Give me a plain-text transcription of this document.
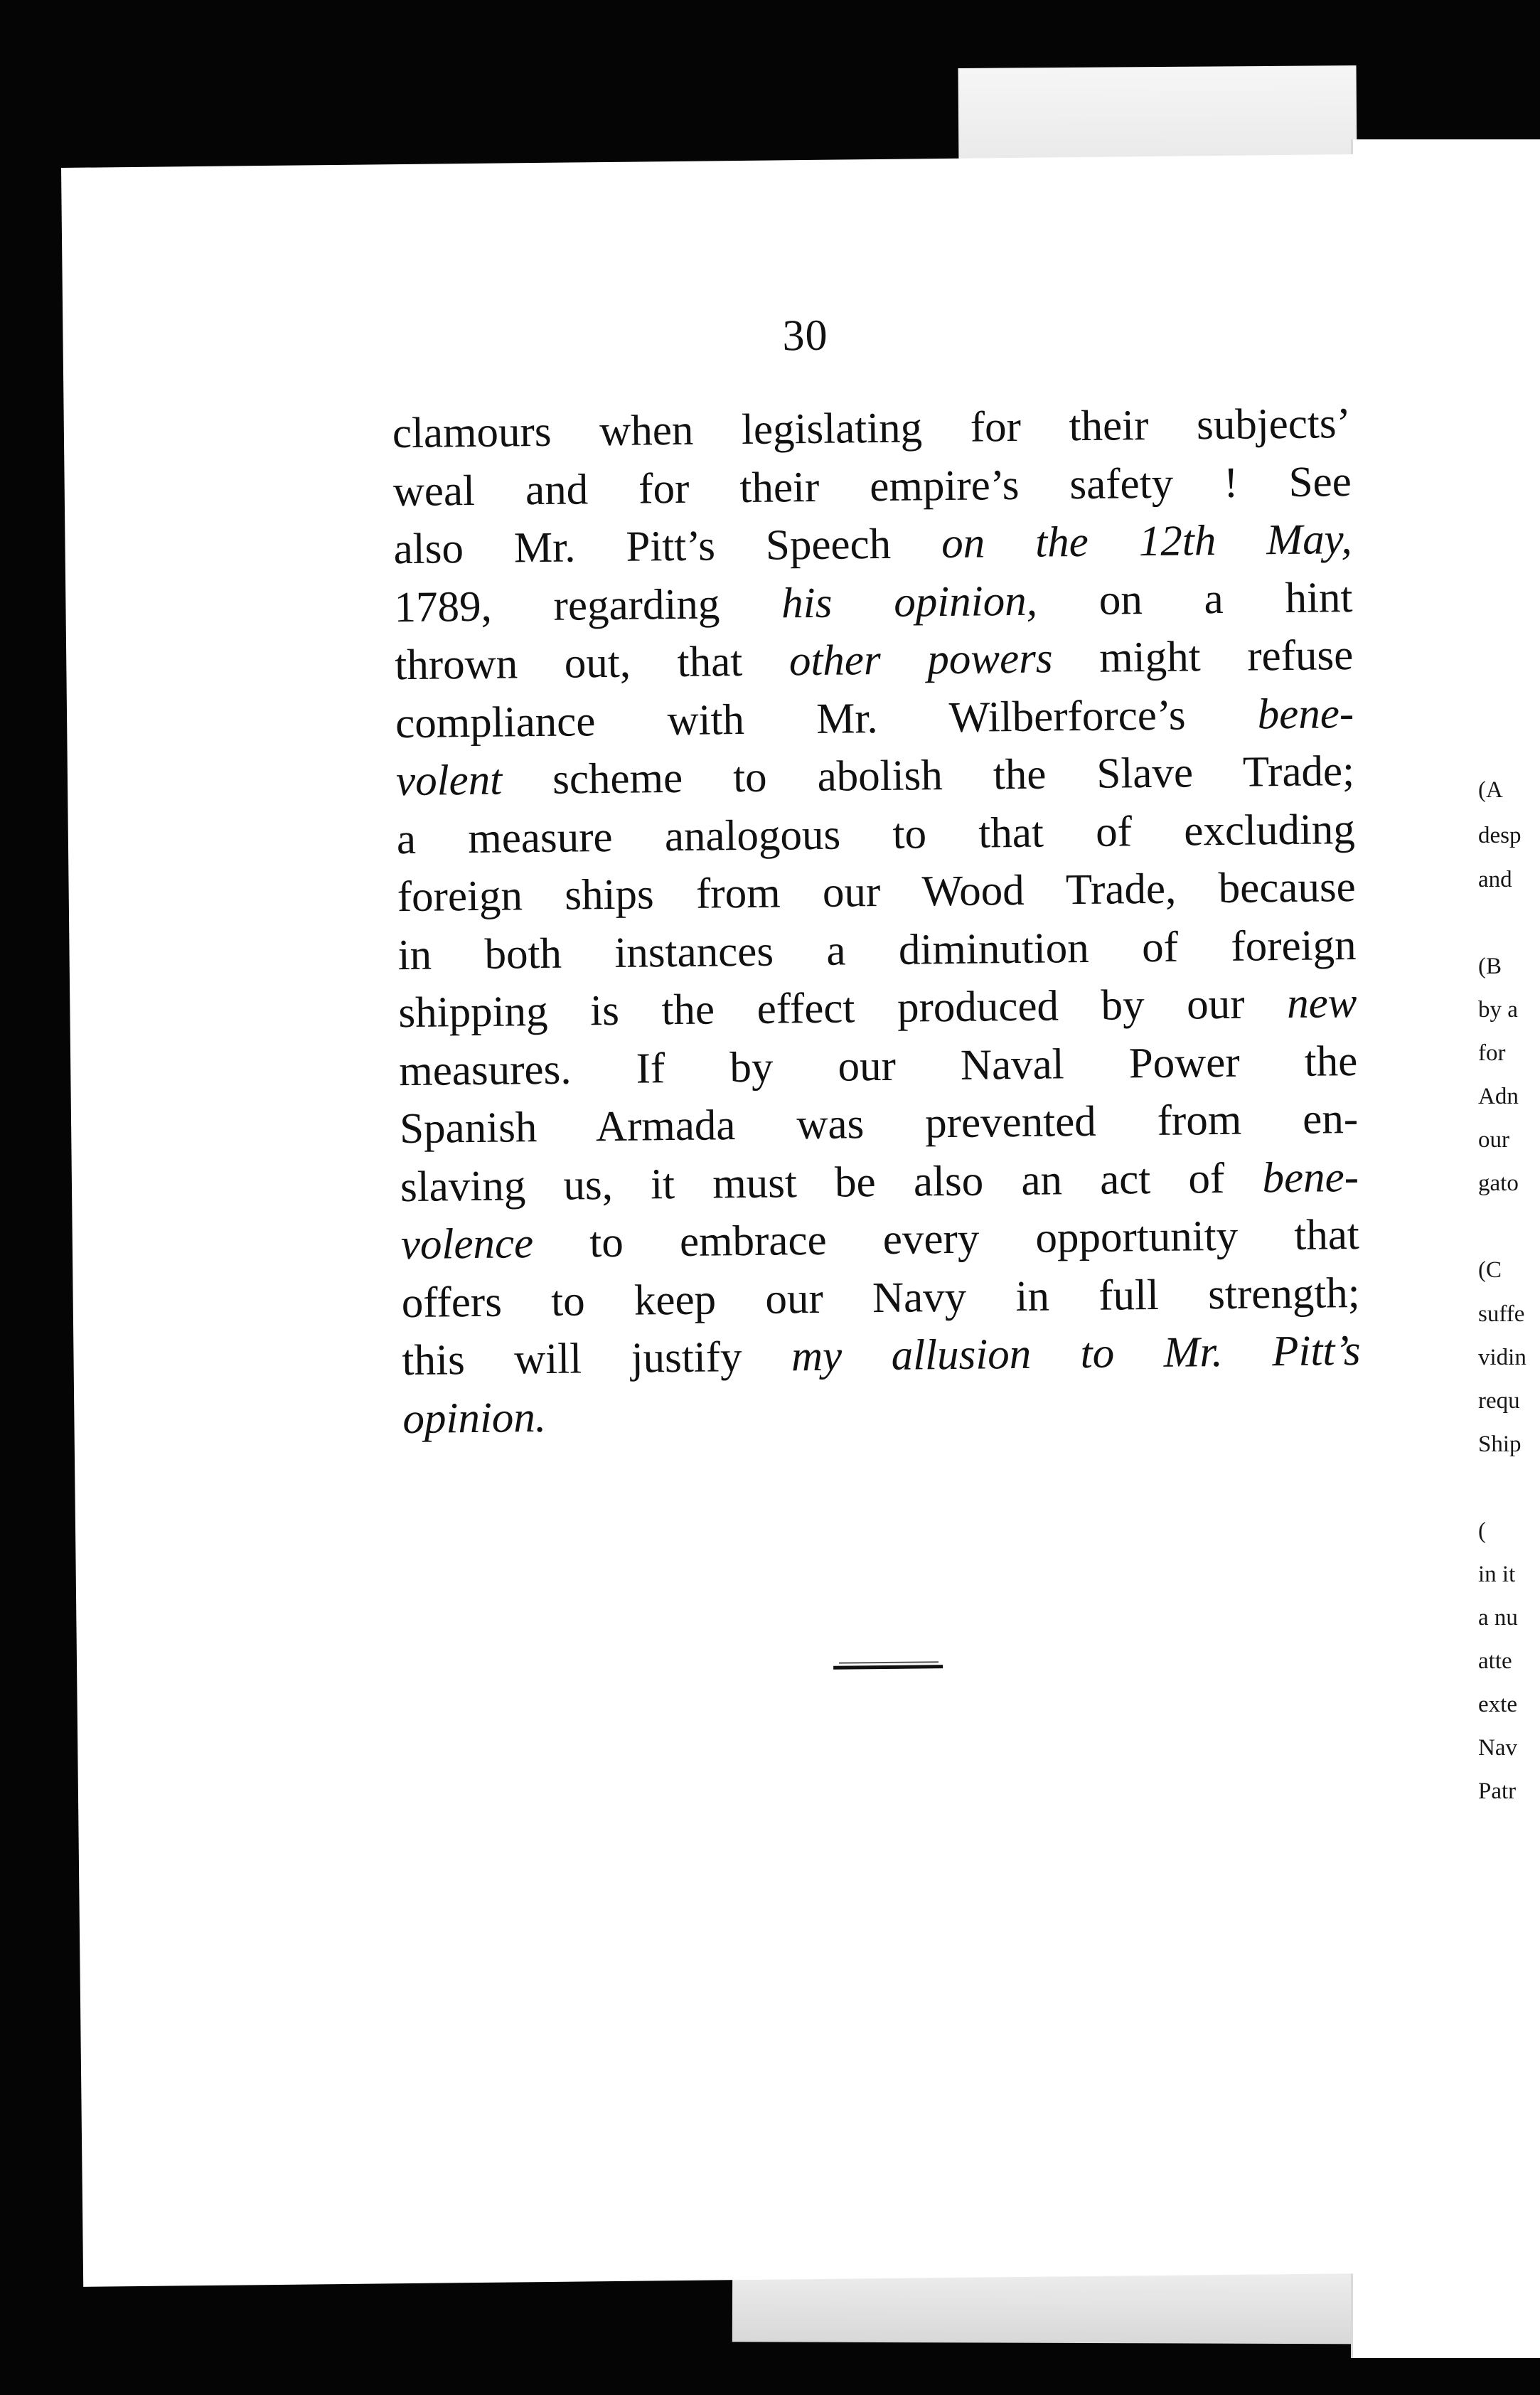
(A
desp
and
(B
by a
for
Adn
our
gato
(C
suffe
vidin
requ
Ship
(
in it
a nu
atte
exte
Nav
Patr
30
clamours when legislating for their subjects’
weal and for their empire’s safety ! See
also Mr. Pitt’s Speech on the 12th May,
1789, regarding his opinion, on a hint
thrown out, that other powers might refuse
compliance with Mr. Wilberforce’s bene-
volent scheme to abolish the Slave Trade;
a measure analogous to that of excluding
foreign ships from our Wood Trade, because
in both instances a diminution of foreign
shipping is the effect produced by our new
measures. If by our Naval Power the
Spanish Armada was prevented from en-
slaving us, it must be also an act of bene-
volence to embrace every opportunity that
offers to keep our Navy in full strength;
this will justify my allusion to Mr. Pitt’s
opinion.
